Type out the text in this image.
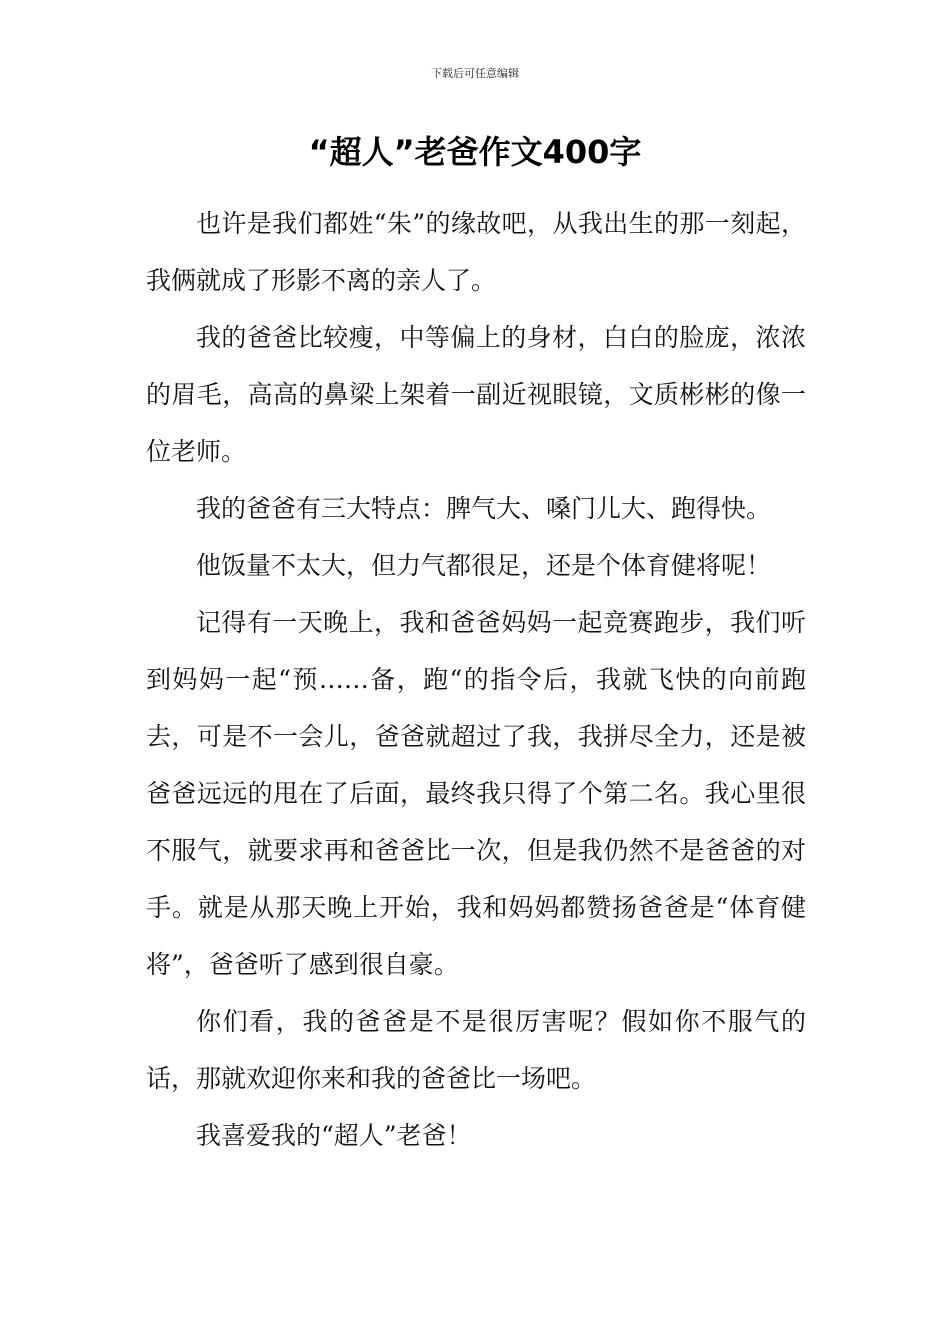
下载后可任意编辑
“超人”老爸作文400字

也许是我们都姓“朱”的缘故吧，从我出生的那一刻起，我俩就成了形影不离的亲人了。

我的爸爸比较瘦，中等偏上的身材，白白的脸庞，浓浓的眉毛，高高的鼻梁上架着一副近视眼镜，文质彬彬的像一位老师。

我的爸爸有三大特点：脾气大、嗓门儿大、跑得快。

他饭量不太大，但力气都很足，还是个体育健将呢！

记得有一天晚上，我和爸爸妈妈一起竞赛跑步，我们听到妈妈一起“预……备，跑“的指令后，我就飞快的向前跑去，可是不一会儿，爸爸就超过了我，我拼尽全力，还是被爸爸远远的甩在了后面，最终我只得了个第二名。我心里很不服气，就要求再和爸爸比一次，但是我仍然不是爸爸的对手。就是从那天晚上开始，我和妈妈都赞扬爸爸是“体育健将”，爸爸听了感到很自豪。

你们看，我的爸爸是不是很厉害呢？假如你不服气的话，那就欢迎你来和我的爸爸比一场吧。

我喜爱我的“超人”老爸！
